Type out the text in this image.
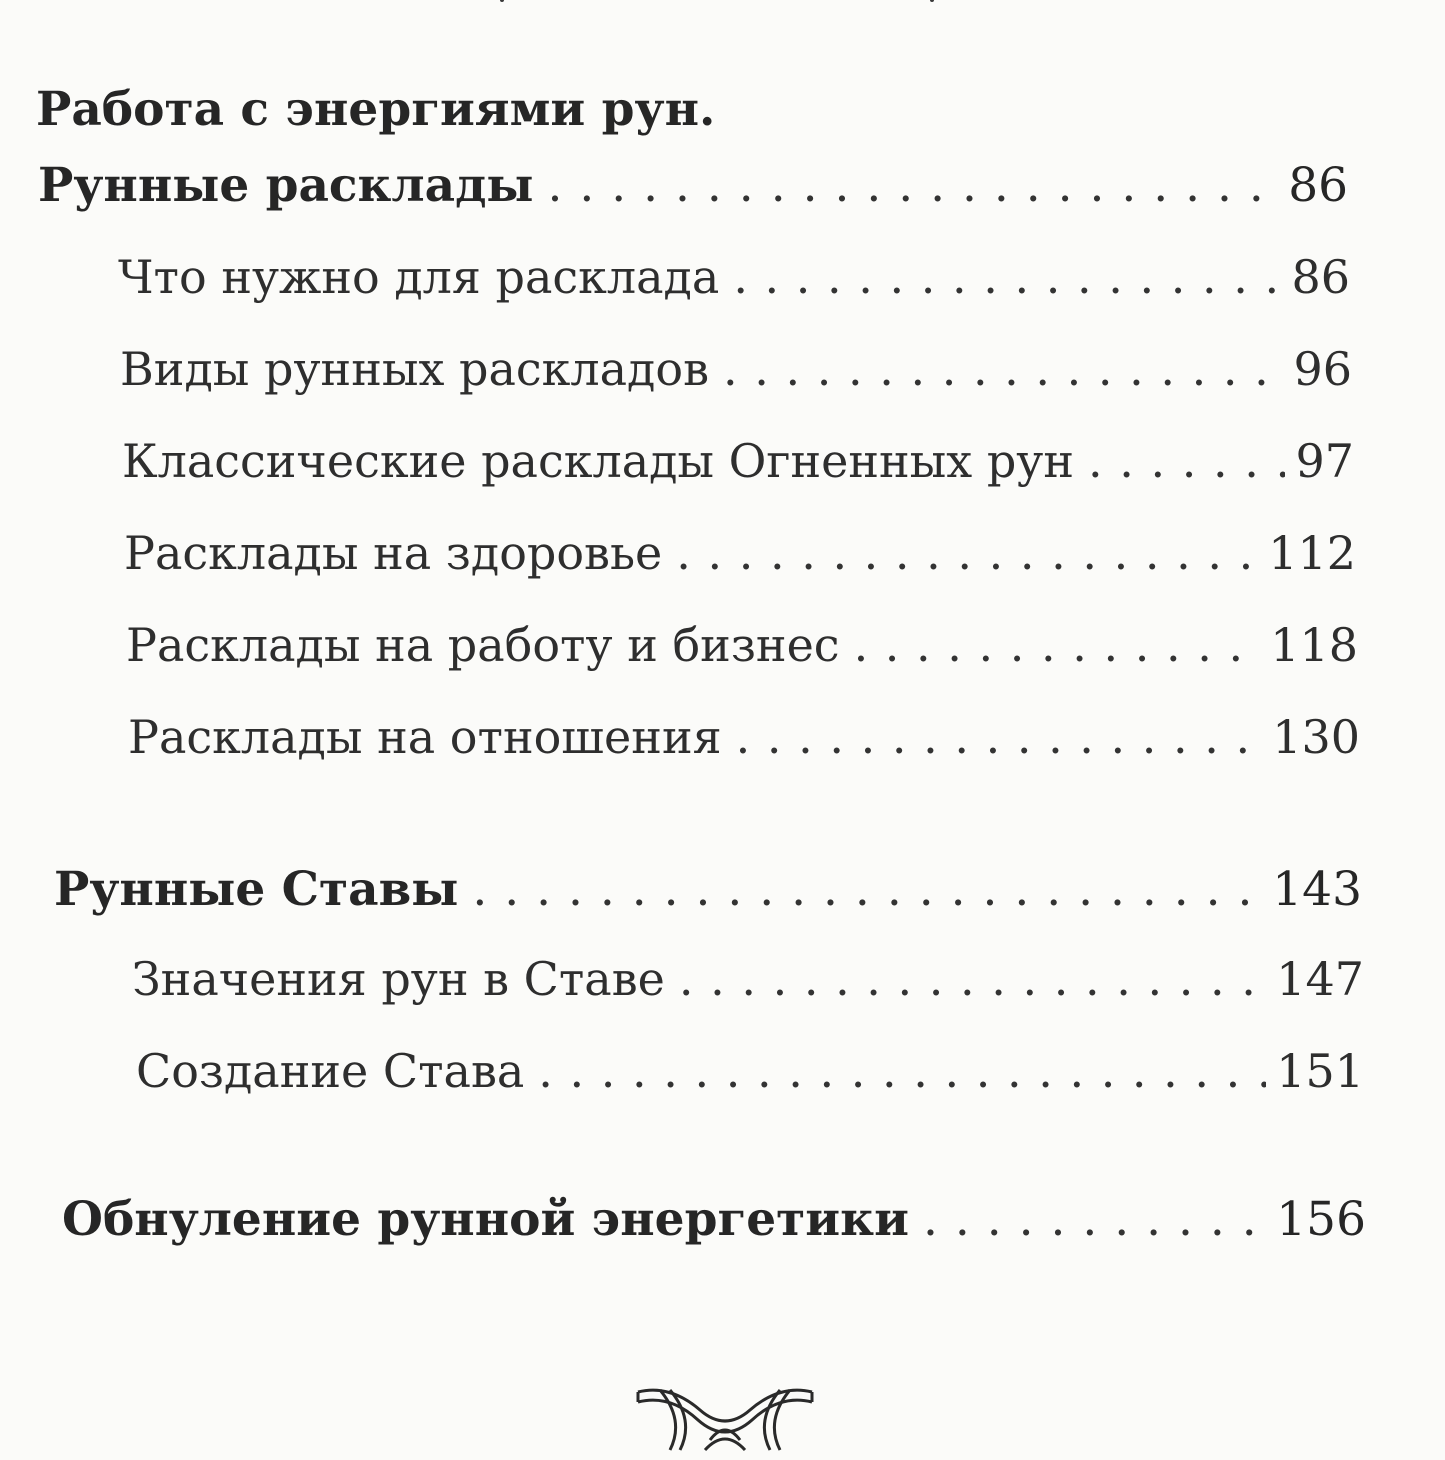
Работа с энергиями рун.
Рунные расклады . . .	86
Что нужно для расклада . . .	86
Виды рунных раскладов . . .	96
Классические расклады Огненных рун . . .	97
Расклады на здоровье . . .	112
Расклады на работу и бизнес . . .	118
Расклады на отношения . . .	130
Рунные Ставы . . .	143
Значения рун в Ставе . . .	147
Создание Става . . .	151
Обнуление рунной энергетики . . .	156
